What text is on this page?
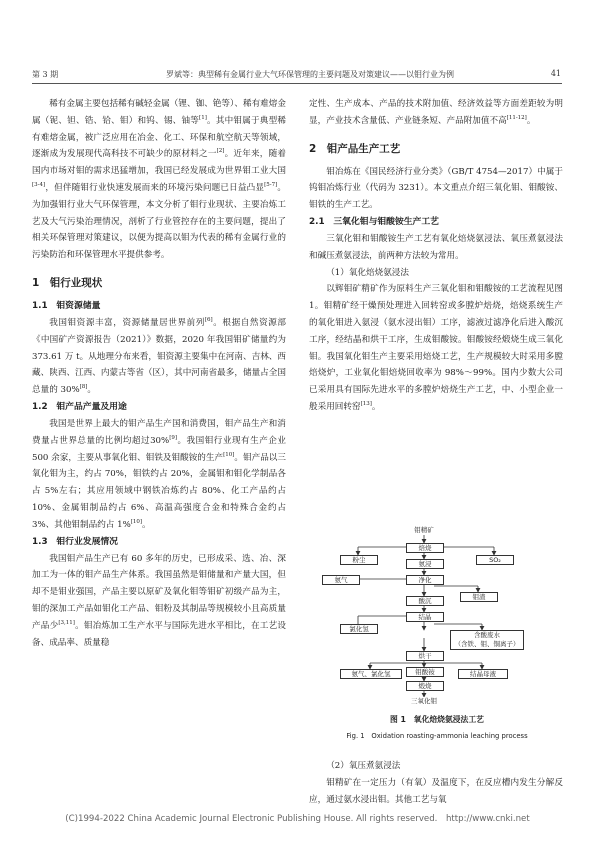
第 3 期	罗斌等：典型稀有金属行业大气环保管理的主要问题及对策建议——以钼行业为例	41

稀有金属主要包括稀有碱轻金属（锂、铷、铯等）、稀有难熔金属（铌、钽、锆、铪、钼）和钨、锡、铀等[1]。其中钼属于典型稀有难熔金属，被广泛应用在冶金、化工、环保和航空航天等领域，逐渐成为发展现代高科技不可缺少的原材料之一[2]。近年来，随着国内市场对钼的需求迅猛增加，我国已经发展成为世界钼工业大国[3-4]，但伴随钼行业快速发展而来的环境污染问题已日益凸显[5-7]。为加强钼行业大气环保管理，本文分析了钼行业现状、主要冶炼工艺及大气污染治理情况，剖析了行业管控存在的主要问题，提出了相关环保管理对策建议，以便为提高以钼为代表的稀有金属行业的污染防治和环保管理水平提供参考。

1　钼行业现状

1.1　钼资源储量

我国钼资源丰富，资源储量居世界前列[6]。根据自然资源部《中国矿产资源报告（2021）》数据，2020 年我国钼矿储量约为 373.61 万 t。从地理分布来看，钼资源主要集中在河南、吉林、西藏、陕西、江西、内蒙古等省（区），其中河南省最多，储量占全国总量的 30%[8]。

1.2　钼产品产量及用途

我国是世界上最大的钼产品生产国和消费国，钼产品生产和消费量占世界总量的比例均超过30%[9]。我国钼行业现有生产企业 500 余家，主要从事氧化钼、钼铁及钼酸铵的生产[10]。钼产品以三氧化钼为主，约占 70%，钼铁约占 20%，金属钼和钼化学制品各占 5%左右；其应用领域中钢铁冶炼约占 80%、化工产品约占 10%、金属钼制品约占 6%、高温高强度合金和特殊合金约占 3%、其他钼制品约占 1%[10]。

1.3　钼行业发展情况

我国钼产品生产已有 60 多年的历史，已形成采、选、冶、深加工为一体的钼产品生产体系。我国虽然是钼储量和产量大国，但却不是钼业强国，产品主要以原矿及氧化钼等钼矿初级产品为主，钼的深加工产品如钼化工产品、钼粉及其制品等规模较小且高质量产品少[3,11]。钼冶炼加工生产水平与国际先进水平相比，在工艺设备、成品率、质量稳

定性、生产成本、产品的技术附加值、经济效益等方面差距较为明显，产业技术含量低、产业链条短、产品附加值不高[11-12]。

2　钼产品生产工艺

钼冶炼在《国民经济行业分类》（GB/T 4754—2017）中属于钨钼冶炼行业（代码为 3231）。本文重点介绍三氧化钼、钼酸铵、钼铁的生产工艺。

2.1　三氧化钼与钼酸铵生产工艺

三氧化钼和钼酸铵生产工艺有氧化焙烧氨浸法、氧压煮氨浸法和碱压煮氨浸法，前两种方法较为常用。

（1）氧化焙烧氨浸法

以辉钼矿精矿作为原料生产三氧化钼和钼酸铵的工艺流程见图 1。钼精矿经干燥预处理进入回转窑或多膛炉焙烧，焙烧系统生产的氧化钼进入氨浸（氨水浸出钼）工序，滤液过滤净化后进入酸沉工序，经结晶和烘干工序，生成钼酸铵。钼酸铵经煅烧生成三氧化钼。我国氧化钼生产主要采用焙烧工艺，生产规模较大时采用多膛焙烧炉，工业氧化钼焙烧回收率为 98%～99%。国内少数大公司已采用具有国际先进水平的多膛炉焙烧生产工艺，中、小型企业一般采用回转窑[13]。

钼精矿
焙烧
粉尘	SO₂
氨气
氨浸
净化
钼渣
酸沉
氯化氢
结晶
含酸废水
（含铁、钼、铜离子）
烘干
氨气、氯化氢	钼酸铵	结晶母液
煅烧
三氧化钼
图 1　氧化焙烧氨浸法工艺
Fig. 1　Oxidation roasting-ammonia leaching process

（2）氧压煮氨浸法

钼精矿在一定压力（有氧）及温度下，在反应槽内发生分解反应，通过氨水浸出钼。其他工艺与氧

(C)1994-2022 China Academic Journal Electronic Publishing House. All rights reserved.　http://www.cnki.net
